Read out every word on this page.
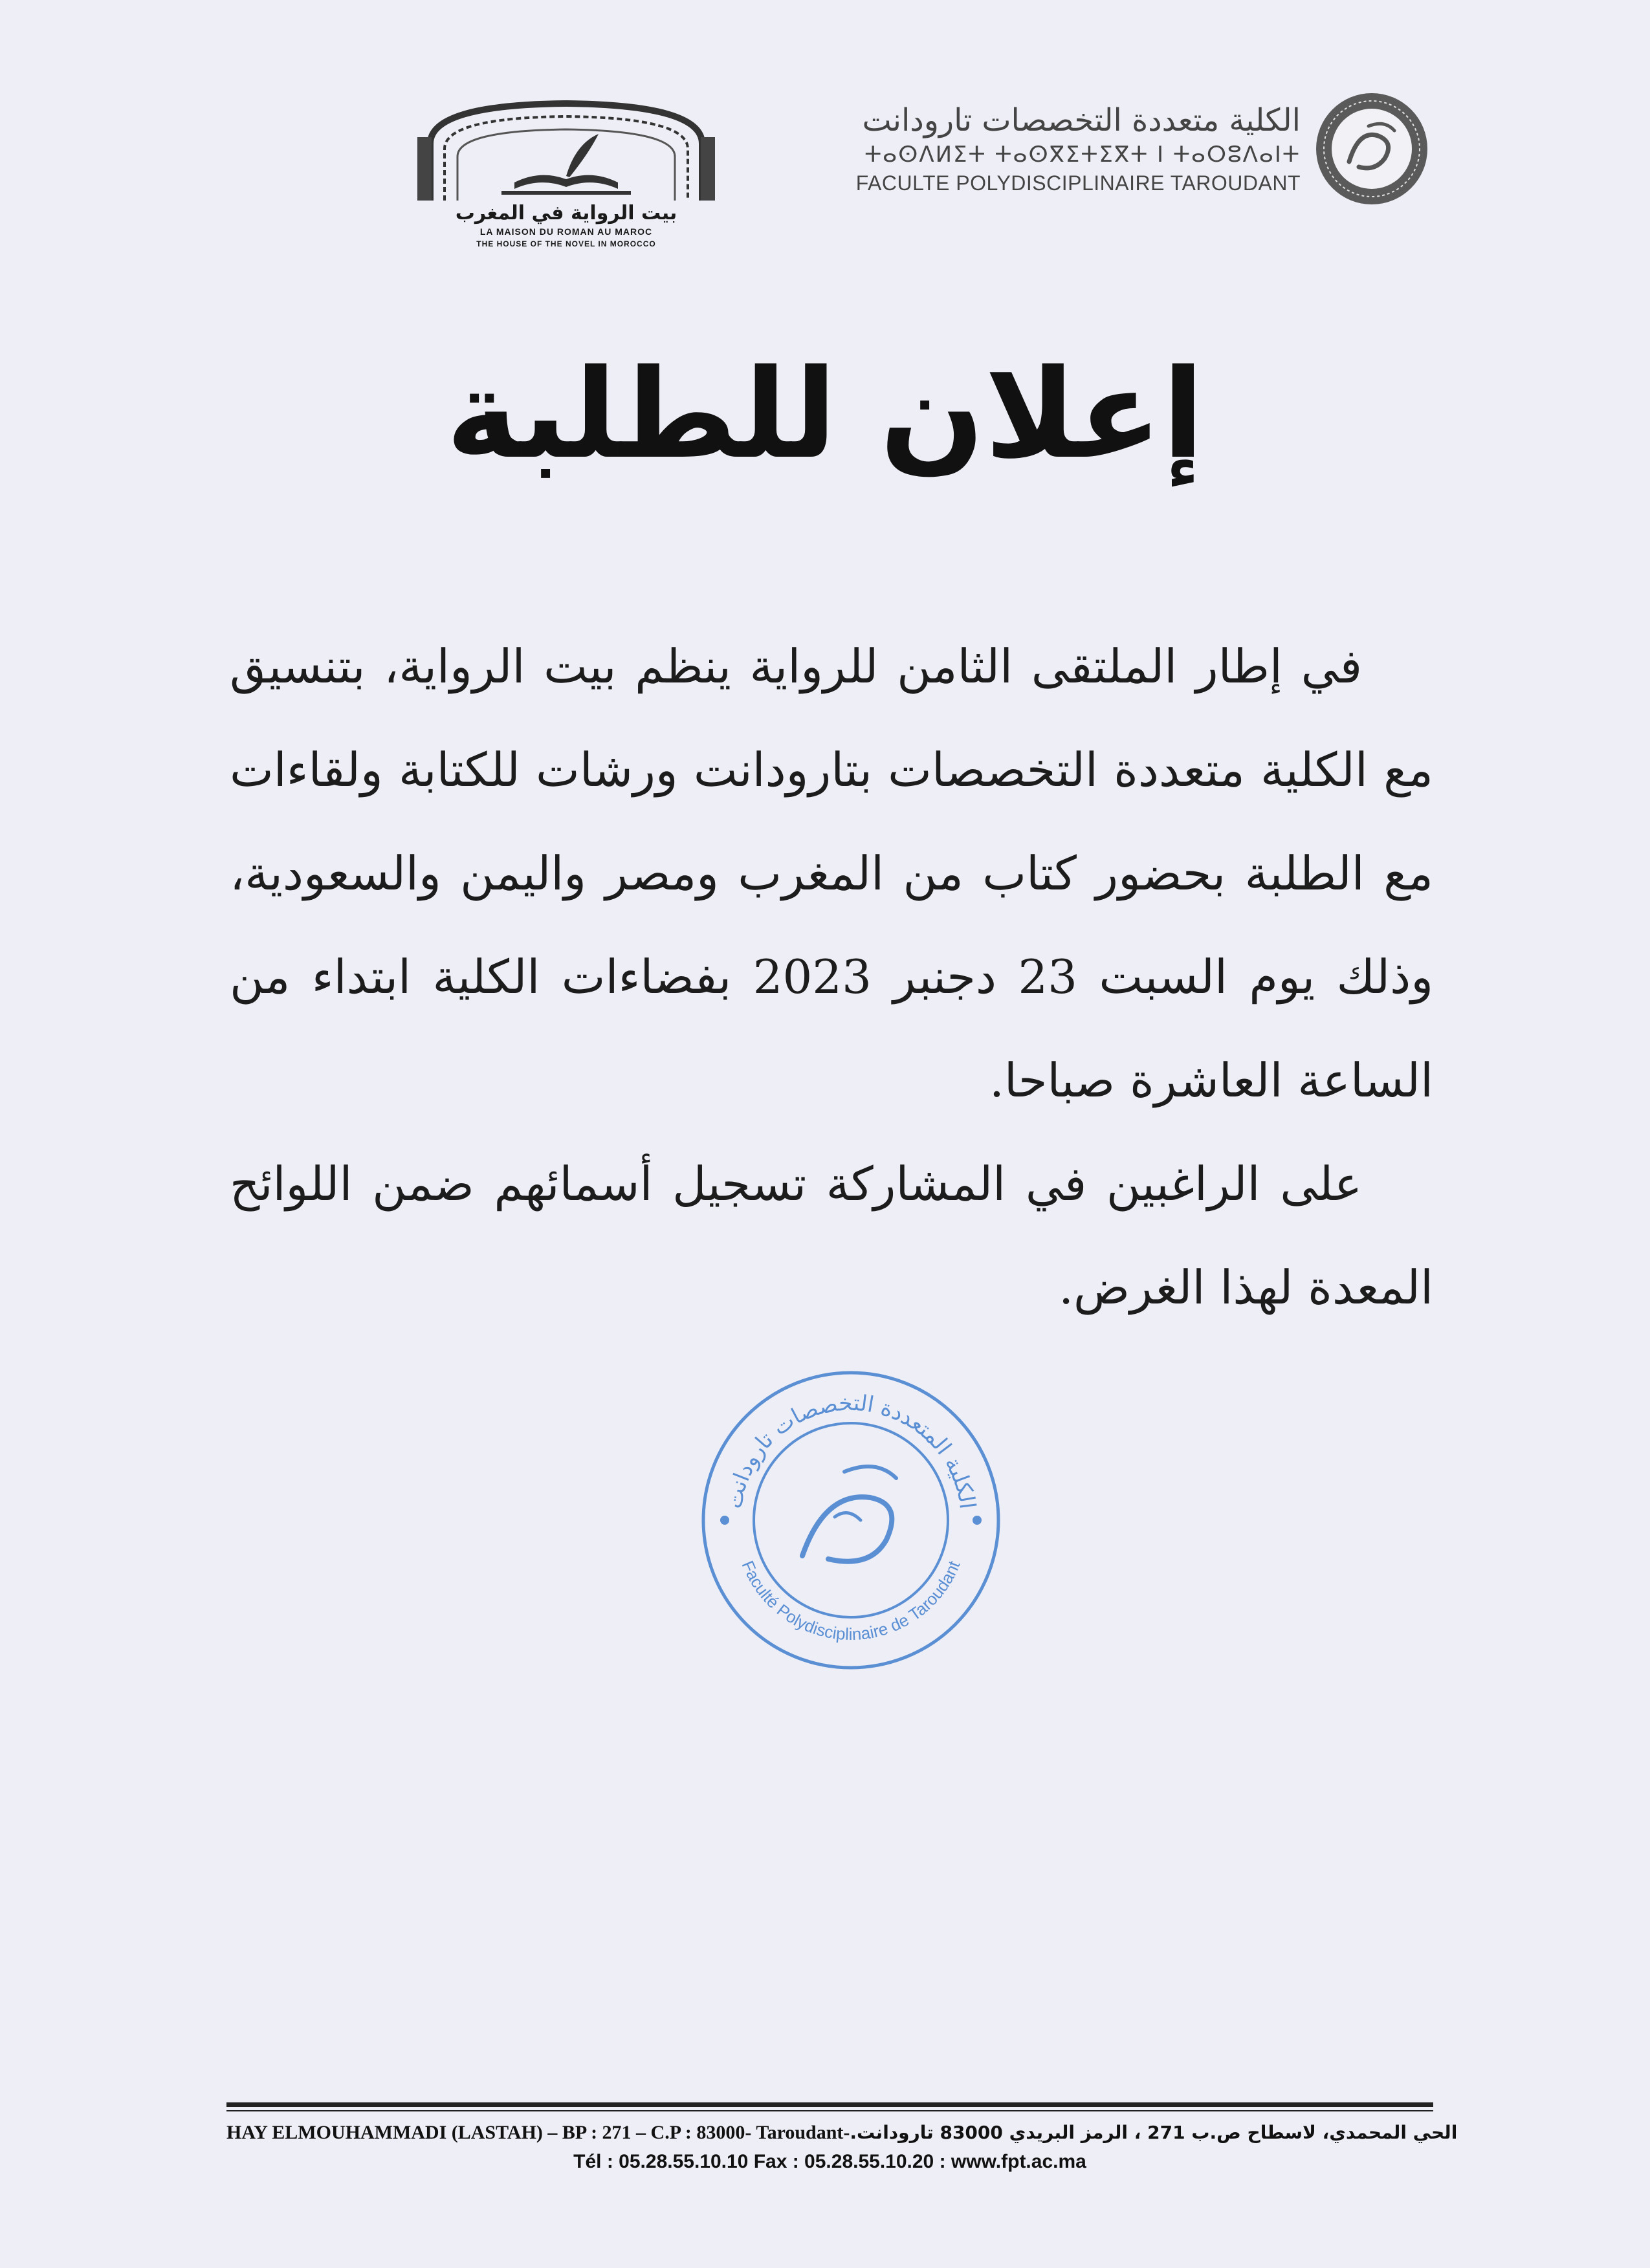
بيت الرواية في المغرب
LA MAISON DU ROMAN AU MAROC
THE HOUSE OF THE NOVEL IN MOROCCO
الكلية متعددة التخصصات تارودانت
ⵜⴰⵙⴷⵍⵉⵜ ⵜⴰⵙⴳⵉⵜⵉⴳⵜ ⵏ ⵜⴰⵔⵓⴷⴰⵏⵜ
FACULTE POLYDISCIPLINAIRE TAROUDANT
إعلان للطلبة

في إطار الملتقى الثامن للرواية ينظم بيت الرواية، بتنسيق مع الكلية متعددة التخصصات بتارودانت ورشات للكتابة ولقاءات مع الطلبة بحضور كتاب من المغرب ومصر واليمن والسعودية، وذلك يوم السبت 23 دجنبر 2023 بفضاءات الكلية ابتداء من الساعة العاشرة صباحا.

على الراغبين في المشاركة تسجيل أسمائهم ضمن اللوائح المعدة لهذا الغرض.

الكلية المتعددة التخصصات تارودانت
Faculté Polydisciplinaire de Taroudant
HAY ELMOUHAMMADI (LASTAH) – BP : 271 – C.P : 83000- Taroudant- الحي المحمدي، لاسطاح ص.ب 271 ، الرمز البريدي 83000 تارودانت.
Tél : 05.28.55.10.10 Fax : 05.28.55.10.20 : www.fpt.ac.ma
